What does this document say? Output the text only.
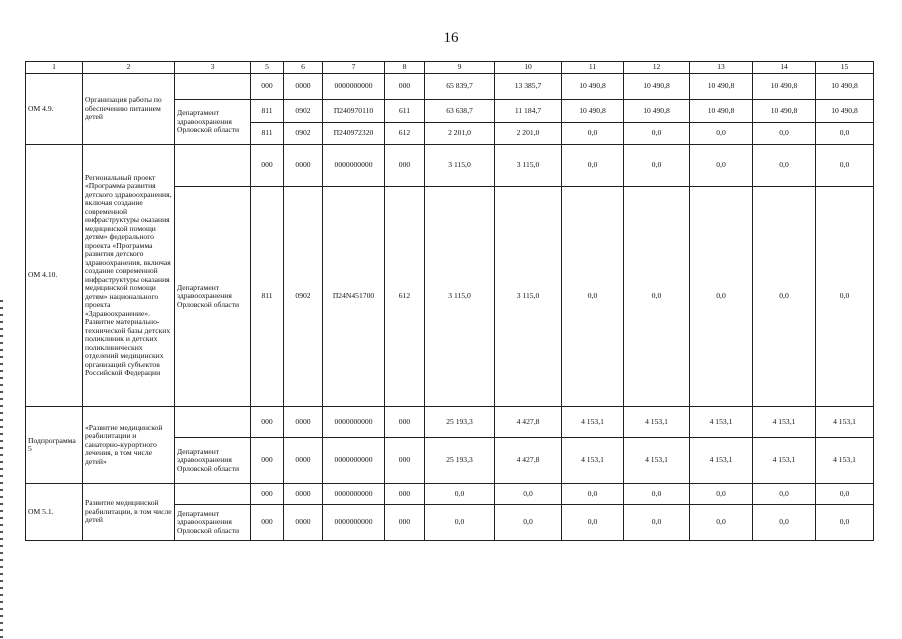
16
1	2	3	5	6	7	8	9	10	11	12	13	14	15
ОМ 4.9.	Организация работы по обеспечению питанием детей		000	0000	0000000000	000	65 839,7	13 385,7	10 490,8	10 490,8	10 490,8	10 490,8	10 490,8
		Департамент здравоохранения Орловской области	811	0902	П240970110	611	63 638,7	11 184,7	10 490,8	10 490,8	10 490,8	10 490,8	10 490,8
			811	0902	П240972320	612	2 201,0	2 201,0	0,0	0,0	0,0	0,0	0,0
ОМ 4.10.	Региональный проект «Программа развития детского здравоохранения, включая создание современной инфраструктуры оказания медицинской помощи детям» федерального проекта «Программа развития детского здравоохранения, включая создание современной инфраструктуры оказания медицинской помощи детям» национального проекта «Здравоохранение». Развитие материально-технической базы детских поликлиник и детских поликлинических отделений медицинских организаций субъектов Российской Федерации		000	0000	0000000000	000	3 115,0	3 115,0	0,0	0,0	0,0	0,0	0,0
		Департамент здравоохранения Орловской области	811	0902	П24N451700	612	3 115,0	3 115,0	0,0	0,0	0,0	0,0	0,0
Подпрограмма 5	«Развитие медицинской реабилитации и санаторно-курортного лечения, в том числе детей»		000	0000	0000000000	000	25 193,3	4 427,8	4 153,1	4 153,1	4 153,1	4 153,1	4 153,1
		Департамент здравоохранения Орловской области	000	0000	0000000000	000	25 193,3	4 427,8	4 153,1	4 153,1	4 153,1	4 153,1	4 153,1
ОМ 5.1.	Развитие медицинской реабилитации, в том числе детей		000	0000	0000000000	000	0,0	0,0	0,0	0,0	0,0	0,0	0,0
		Департамент здравоохранения Орловской области	000	0000	0000000000	000	0,0	0,0	0,0	0,0	0,0	0,0	0,0
